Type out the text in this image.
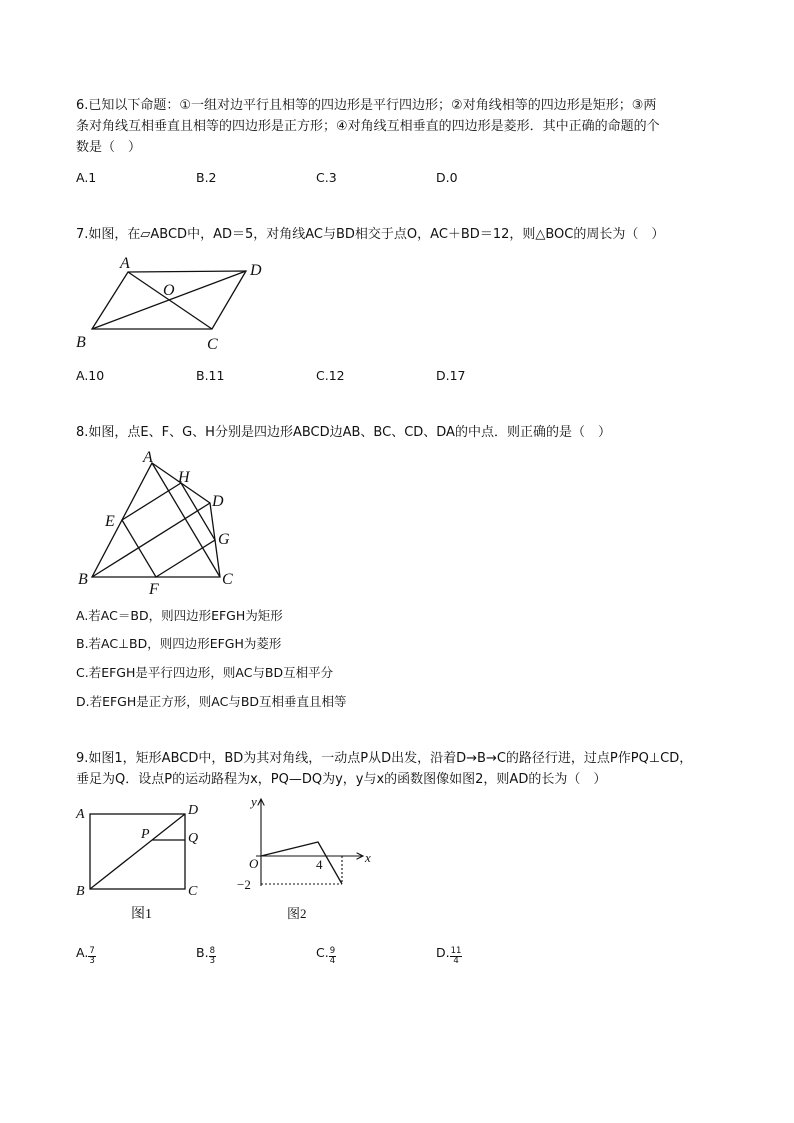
6.已知以下命题：①一组对边平行且相等的四边形是平行四边形；②对角线相等的四边形是矩形；③两
条对角线互相垂直且相等的四边形是正方形；④对角线互相垂直的四边形是菱形．其中正确的命题的个
数是（　）
A.1	B.2	C.3	D.0
7.如图，在▱ABCD中，AD＝5，对角线AC与BD相交于点O，AC＋BD＝12，则△BOC的周长为（　）
A	D
O
B	C
A.10	B.11	C.12	D.17
8.如图，点E、F、G、H分别是四边形ABCD边AB、BC、CD、DA的中点．则正确的是（　）
A
H
D
E
G
B
F
C
A.若AC＝BD，则四边形EFGH为矩形
B.若AC⊥BD，则四边形EFGH为菱形
C.若EFGH是平行四边形，则AC与BD互相平分
D.若EFGH是正方形，则AC与BD互相垂直且相等
9.如图1，矩形ABCD中，BD为其对角线，一动点P从D出发，沿着D→B→C的路径行进，过点P作PQ⊥CD，
垂足为Q．设点P的运动路程为x，PQ—DQ为y，y与x的函数图像如图2，则AD的长为（　）
A	D
P	Q
B	C
图1
y
x
O	4
−2
图2
A. $\frac{7}{3}$	B. $\frac{8}{3}$	C. $\frac{9}{4}$	D. $\frac{11}{4}$
